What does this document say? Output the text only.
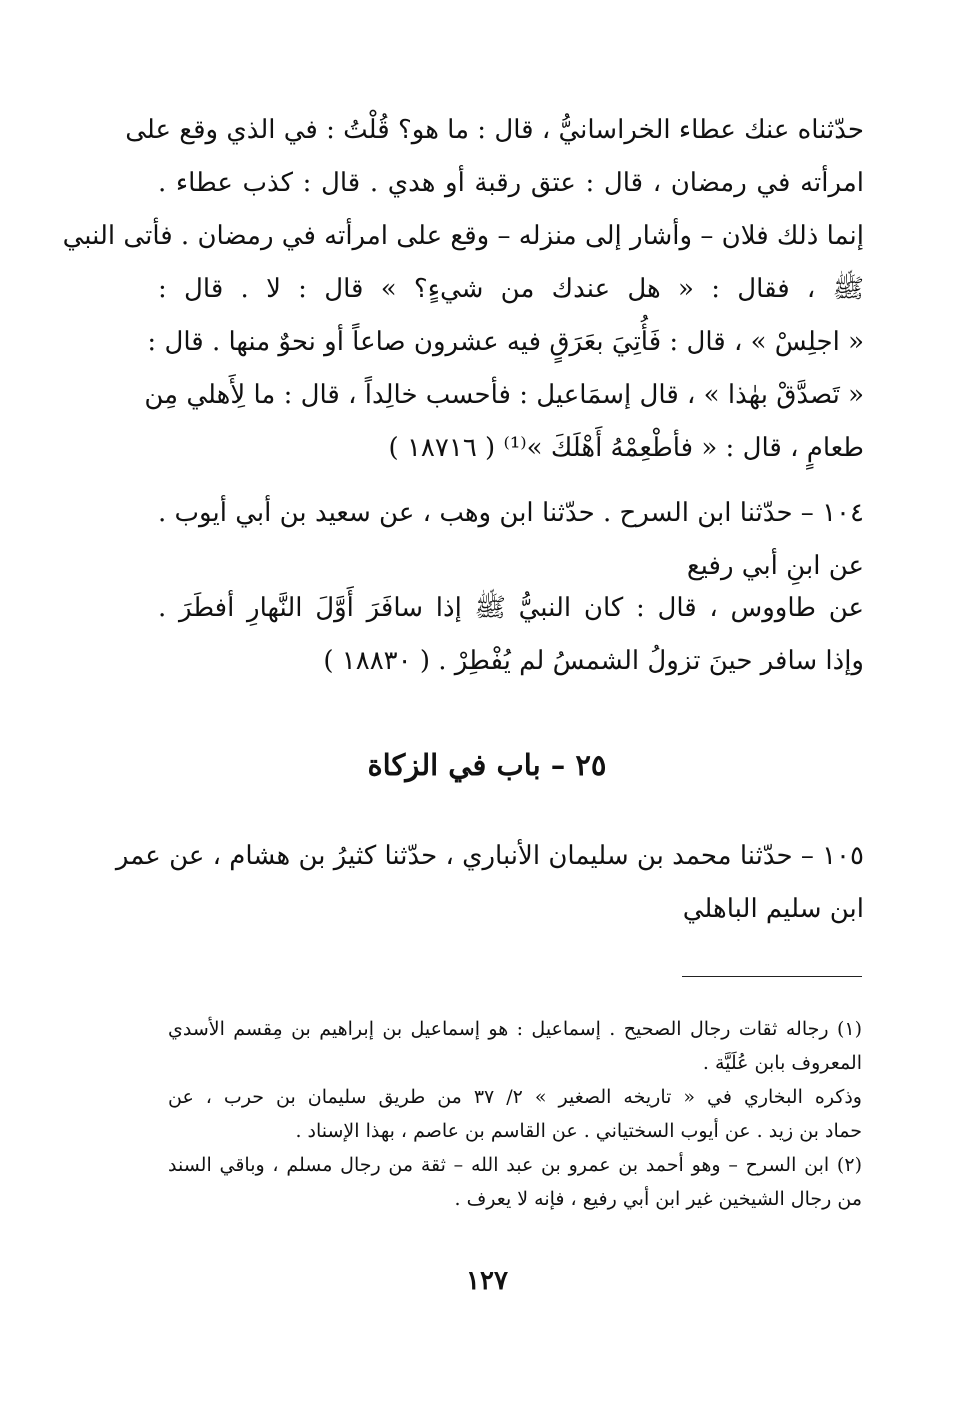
حدّثناه عنك عطاء الخراسانيُّ ، قال : ما هو؟ قُلْتُ : في الذي وقع على
امرأته في رمضان ، قال : عتق رقبة أو هدي . قال : كذب عطاء .
إنما ذلك فلان – وأشار إلى منزله – وقع على امرأته في رمضان . فأتى النبي
ﷺ ، فقال : « هل عندك من شيءٍ؟ » قال : لا . قال :
« اجلِسْ » ، قال : فَأُتِيَ بعَرَقٍ فيه عشرون صاعاً أو نحوٌ منها . قال :
« تَصدَّقْ بهٰذا » ، قال إسمَاعيل : فأحسب خالِداً ، قال : ما لِأَهلي مِن
طعامٍ ، قال : « فأطْعِمْهُ أَهْلَكَ »⁽¹⁾ ( ١٨٧١٦ )
١٠٤ – حدّثنا ابن السرح . حدّثنا ابن وهب ، عن سعيد بن أبي أيوب .
عن ابنِ أبي رفيع
عن طاووس ، قال : كان النبيُّ ﷺ إذا سافَرَ أَوَّلَ النَّهارِ أفطَرَ .
وإذا سافر حينَ تزولُ الشمسُ لم يُفْطِرْ . ( ١٨٨٣٠ )
٢٥ – باب في الزكاة
١٠٥ – حدّثنا محمد بن سليمان الأنباري ، حدّثنا كثيرُ بن هشام ، عن عمر
ابن سليم الباهلي
(١) رجاله ثقات رجال الصحيح . إسماعيل : هو إسماعيل بن إبراهيم بن مِقسم الأسدي
المعروف بابن عُلَيَّة .
وذكره البخاري في « تاريخه الصغير » ٢/ ٣٧ من طريق سليمان بن حرب ، عن
حماد بن زيد . عن أيوب السختياني . عن القاسم بن عاصم ، بهذا الإسناد .
(٢) ابن السرح – وهو أحمد بن عمرو بن عبد الله – ثقة من رجال مسلم ، وباقي السند
من رجال الشيخين غير ابن أبي رفيع ، فإنه لا يعرف .
١٢٧
